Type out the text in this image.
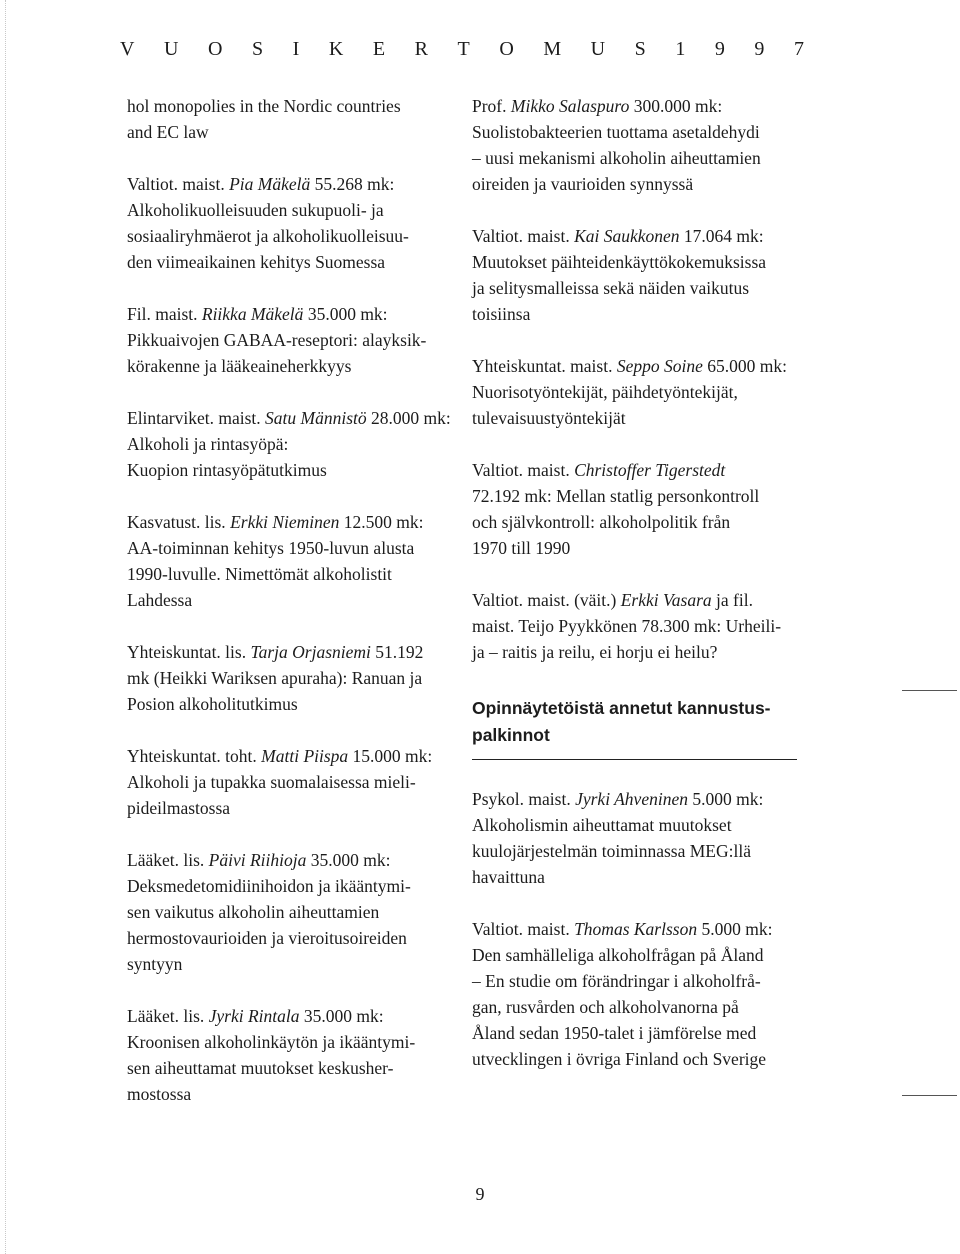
V U O S I K E R T O M U S 1 9 9 7

hol monopolies in the Nordic countries

and EC law

Valtiot. maist. Pia Mäkelä 55.268 mk:

Alkoholikuolleisuuden sukupuoli- ja

sosiaaliryhmäerot ja alkoholikuolleisuu-

den viimeaikainen kehitys Suomessa

Fil. maist. Riikka Mäkelä 35.000 mk:

Pikkuaivojen GABAA-reseptori: alayksik-

körakenne ja lääkeaineherkkyys

Elintarviket. maist. Satu Männistö 28.000 mk: Alkoholi ja rintasyöpä:

Kuopion rintasyöpätutkimus

Kasvatust. lis. Erkki Nieminen 12.500 mk:

AA-toiminnan kehitys 1950-luvun alusta

1990-luvulle. Nimettömät alkoholistit

Lahdessa

Yhteiskuntat. lis. Tarja Orjasniemi 51.192

mk (Heikki Wariksen apuraha): Ranuan ja

Posion alkoholitutkimus

Yhteiskuntat. toht. Matti Piispa 15.000 mk:

Alkoholi ja tupakka suomalaisessa mieli-

pideilmastossa

Lääket. lis. Päivi Riihioja 35.000 mk:

Deksmedetomidiinihoidon ja ikääntymi-

sen vaikutus alkoholin aiheuttamien

hermostovaurioiden ja vieroitusoireiden

syntyyn

Lääket. lis. Jyrki Rintala 35.000 mk:

Kroonisen alkoholinkäytön ja ikääntymi-

sen aiheuttamat muutokset keskusher-

mostossa

Prof. Mikko Salaspuro 300.000 mk:

Suolistobakteerien tuottama asetaldehydi

– uusi mekanismi alkoholin aiheuttamien

oireiden ja vaurioiden synnyssä

Valtiot. maist. Kai Saukkonen 17.064 mk:

Muutokset päihteidenkäyttökokemuksissa

ja selitysmalleissa sekä näiden vaikutus

toisiinsa

Yhteiskuntat. maist. Seppo Soine 65.000 mk:

Nuorisotyöntekijät, päihdetyöntekijät,

tulevaisuustyöntekijät

Valtiot. maist. Christoffer Tigerstedt

72.192 mk: Mellan statlig personkontroll

och självkontroll: alkoholpolitik från

1970 till 1990

Valtiot. maist. (väit.) Erkki Vasara ja fil.

maist. Teijo Pyykkönen 78.300 mk: Urheili-

ja – raitis ja reilu, ei horju ei heilu?

Opinnäytetöistä annetut kannustus-
palkinnot

Psykol. maist. Jyrki Ahveninen 5.000 mk:

Alkoholismin aiheuttamat muutokset

kuulojärjestelmän toiminnassa MEG:llä

havaittuna

Valtiot. maist. Thomas Karlsson 5.000 mk:

Den samhälleliga alkoholfrågan på Åland

– En studie om förändringar i alkoholfrå-

gan, rusvården och alkoholvanorna på

Åland sedan 1950-talet i jämförelse med

utvecklingen i övriga Finland och Sverige

9
